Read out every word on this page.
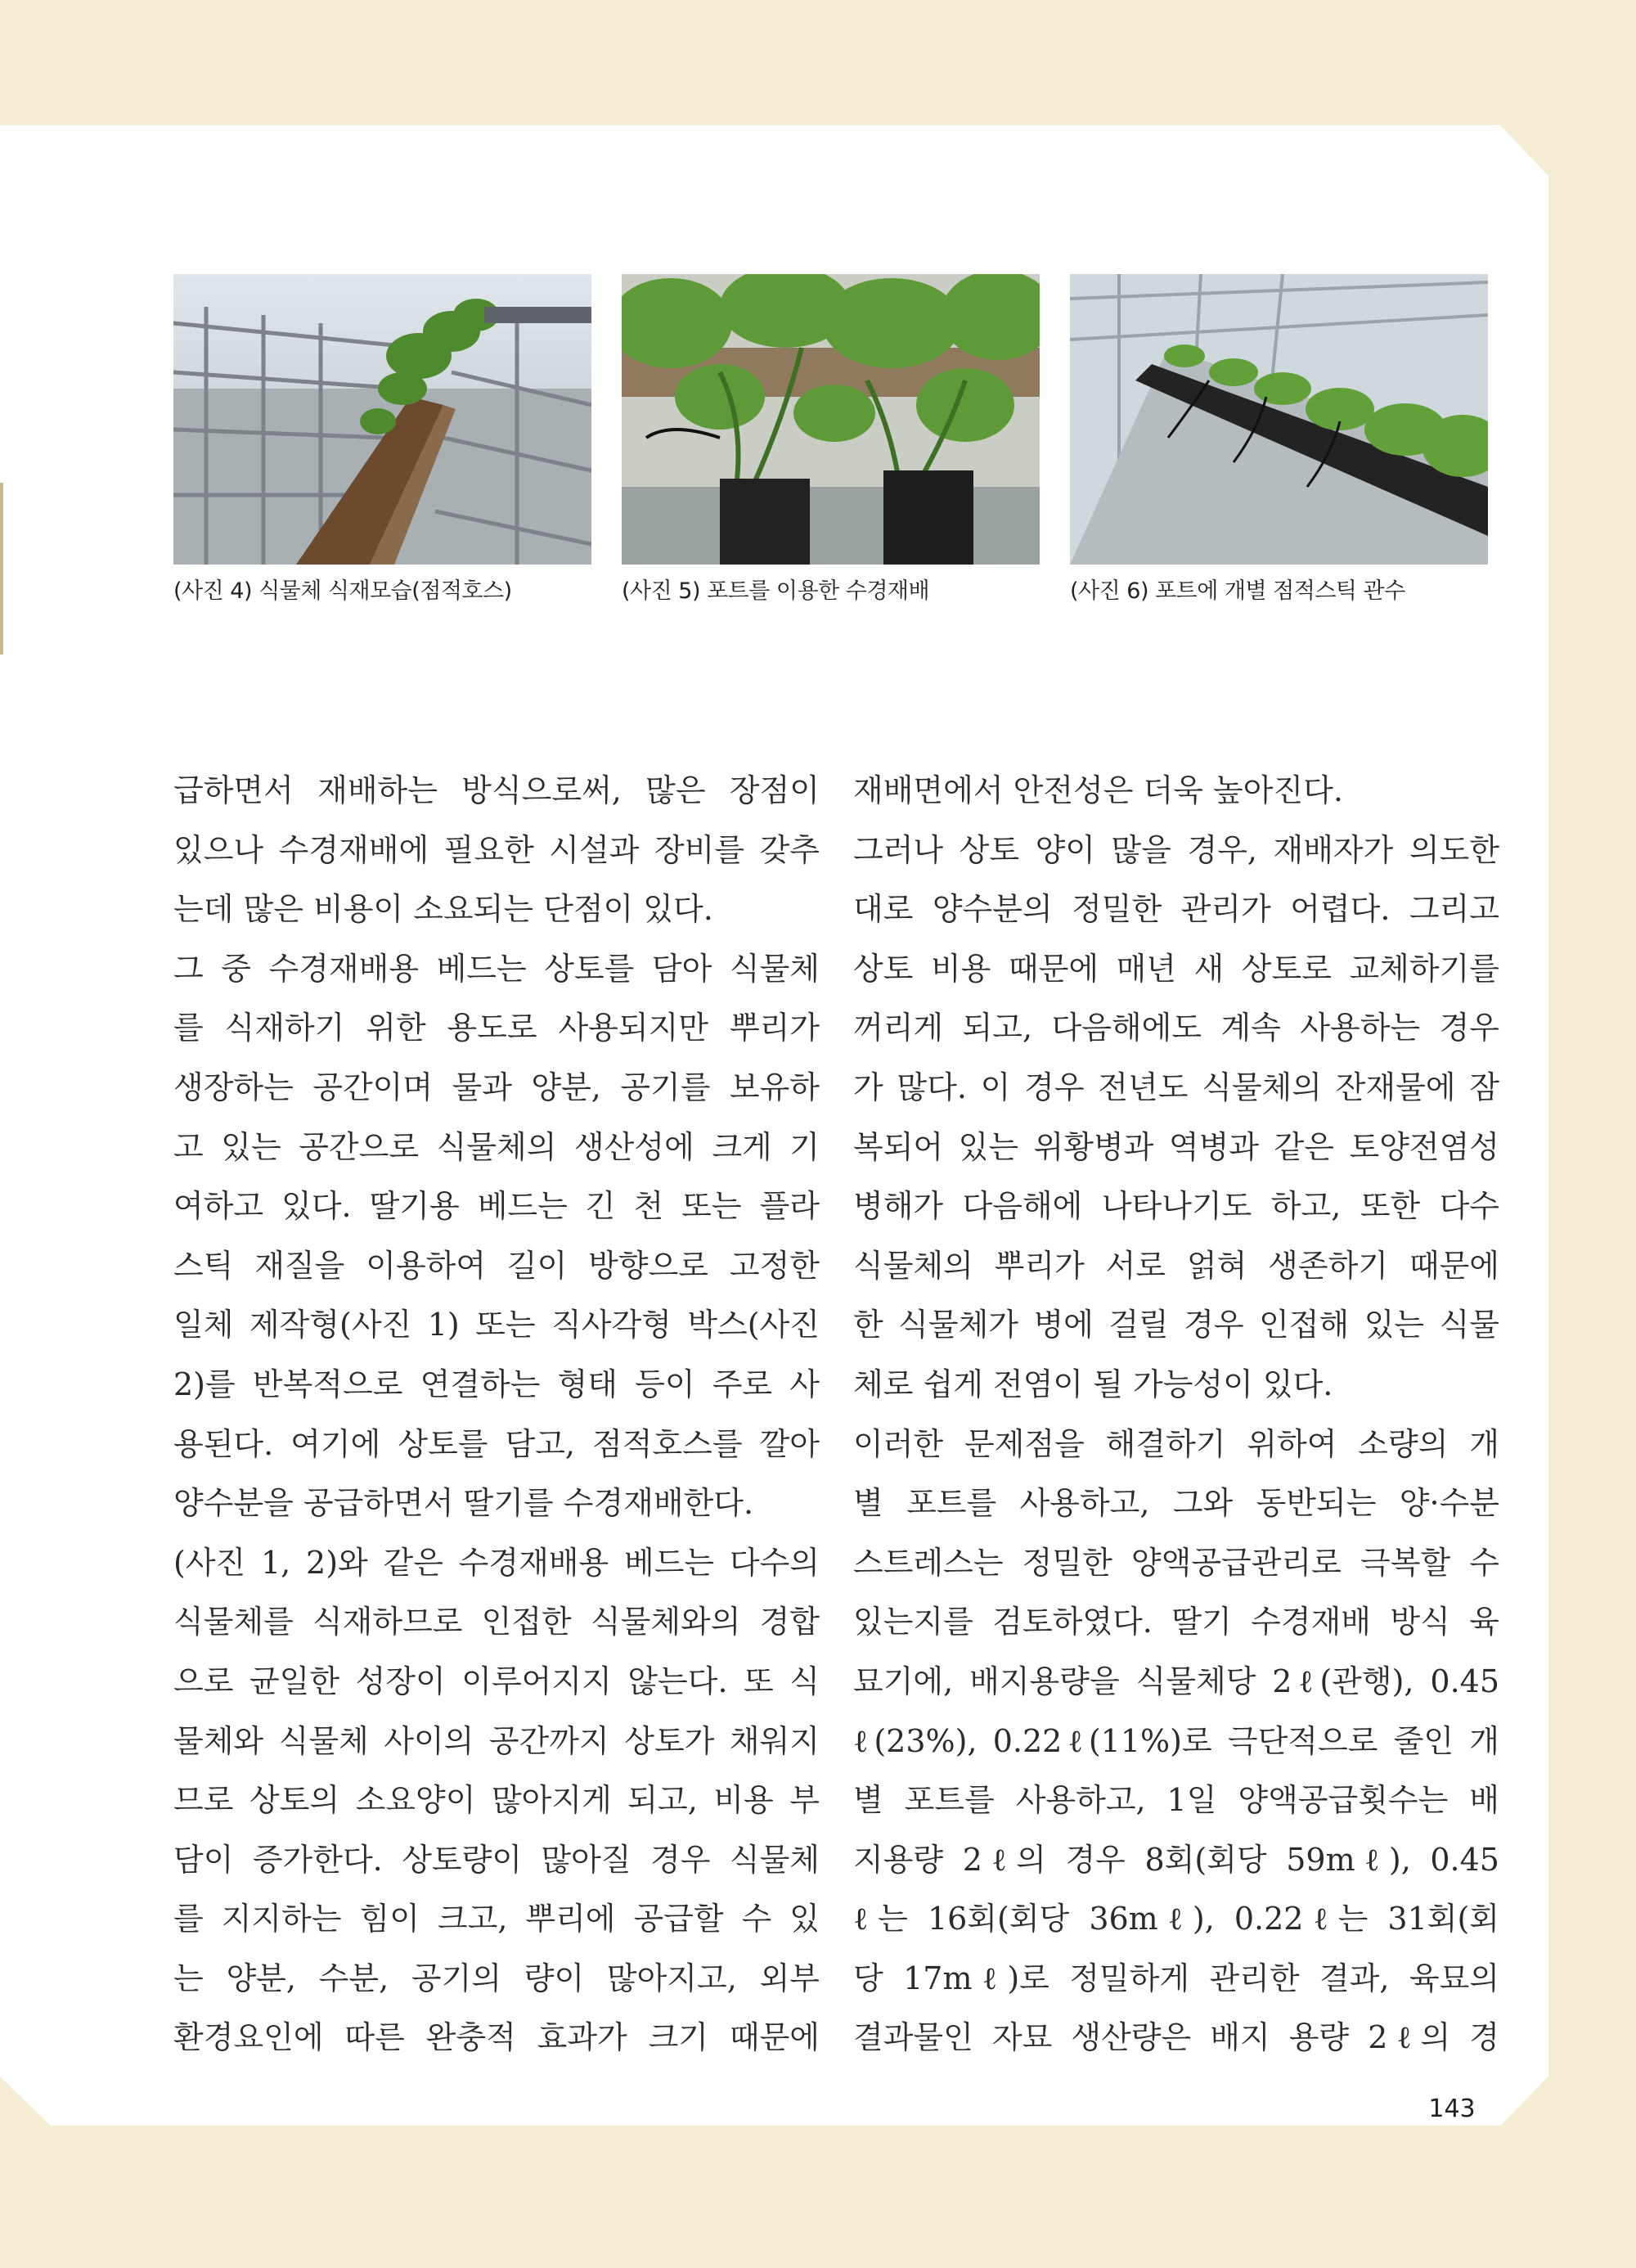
(사진 4) 식물체 식재모습(점적호스)	(사진 5) 포트를 이용한 수경재배	(사진 6) 포트에 개별 점적스틱 관수
급하면서 재배하는 방식으로써, 많은 장점이
있으나 수경재배에 필요한 시설과 장비를 갖추
는데 많은 비용이 소요되는 단점이 있다.
그 중 수경재배용 베드는 상토를 담아 식물체
를 식재하기 위한 용도로 사용되지만 뿌리가
생장하는 공간이며 물과 양분, 공기를 보유하
고 있는 공간으로 식물체의 생산성에 크게 기
여하고 있다. 딸기용 베드는 긴 천 또는 플라
스틱 재질을 이용하여 길이 방향으로 고정한
일체 제작형(사진 1) 또는 직사각형 박스(사진
2)를 반복적으로 연결하는 형태 등이 주로 사
용된다. 여기에 상토를 담고, 점적호스를 깔아
양수분을 공급하면서 딸기를 수경재배한다.
(사진 1, 2)와 같은 수경재배용 베드는 다수의
식물체를 식재하므로 인접한 식물체와의 경합
으로 균일한 성장이 이루어지지 않는다. 또 식
물체와 식물체 사이의 공간까지 상토가 채워지
므로 상토의 소요양이 많아지게 되고, 비용 부
담이 증가한다. 상토량이 많아질 경우 식물체
를 지지하는 힘이 크고, 뿌리에 공급할 수 있
는 양분, 수분, 공기의 량이 많아지고, 외부
환경요인에 따른 완충적 효과가 크기 때문에
재배면에서 안전성은 더욱 높아진다.
그러나 상토 양이 많을 경우, 재배자가 의도한
대로 양수분의 정밀한 관리가 어렵다. 그리고
상토 비용 때문에 매년 새 상토로 교체하기를
꺼리게 되고, 다음해에도 계속 사용하는 경우
가 많다. 이 경우 전년도 식물체의 잔재물에 잠
복되어 있는 위황병과 역병과 같은 토양전염성
병해가 다음해에 나타나기도 하고, 또한 다수
식물체의 뿌리가 서로 얽혀 생존하기 때문에
한 식물체가 병에 걸릴 경우 인접해 있는 식물
체로 쉽게 전염이 될 가능성이 있다.
이러한 문제점을 해결하기 위하여 소량의 개
별 포트를 사용하고, 그와 동반되는 양·수분
스트레스는 정밀한 양액공급관리로 극복할 수
있는지를 검토하였다. 딸기 수경재배 방식 육
묘기에, 배지용량을 식물체당 2ℓ(관행), 0.45
ℓ(23%), 0.22ℓ(11%)로 극단적으로 줄인 개
별 포트를 사용하고, 1일 양액공급횟수는 배
지용량 2ℓ의 경우 8회(회당 59mℓ), 0.45
ℓ는 16회(회당 36mℓ), 0.22ℓ는 31회(회
당 17mℓ)로 정밀하게 관리한 결과, 육묘의
결과물인 자묘 생산량은 배지 용량 2ℓ의 경
143
